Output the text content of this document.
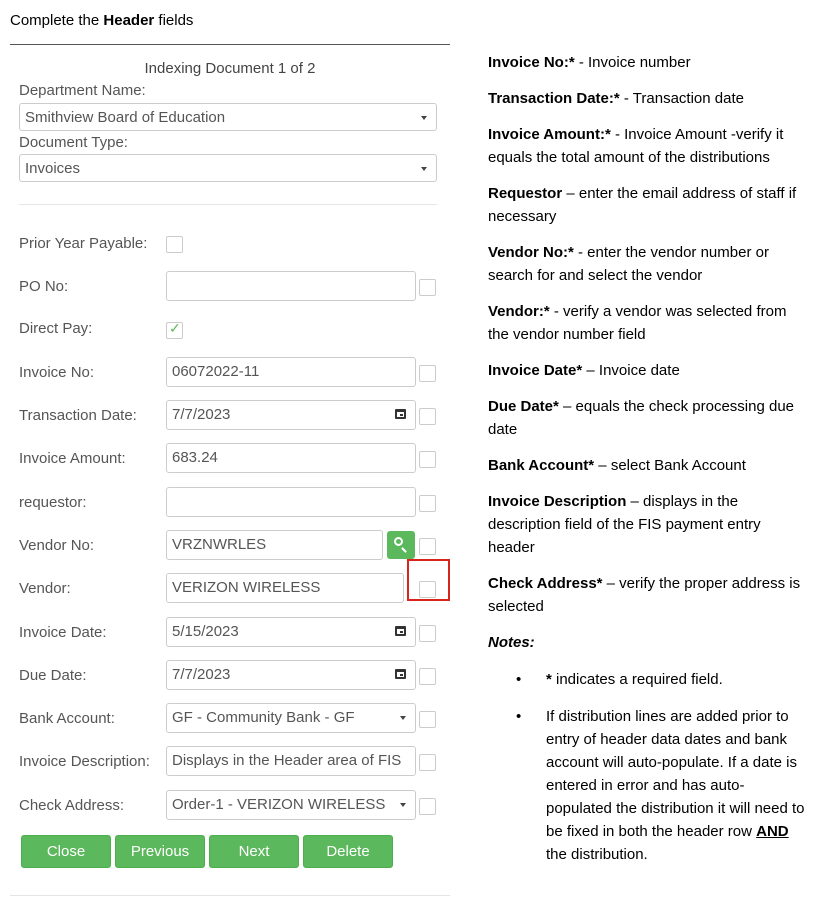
Complete the Header fields
Indexing Document 1 of 2
Department Name:
Smithview Board of Education
Document Type:
Invoices
Prior Year Payable:
PO No:
Direct Pay:	✓
Invoice No:	06072022-11
Transaction Date:	7/7/2023
Invoice Amount:	683.24
requestor:
Vendor No:	VRZNWRLES
Vendor:	VERIZON WIRELESS
Invoice Date:	5/15/2023
Due Date:	7/7/2023
Bank Account:	GF - Community Bank - GF
Invoice Description:	Displays in the Header area of FIS
Check Address:	Order-1 - VERIZON WIRELESS
Close	Previous	Next	Delete

Invoice No:* - Invoice number

Transaction Date:* - Transaction date

Invoice Amount:* - Invoice Amount -verify it equals the total amount of the distributions

Requestor – enter the email address of staff if necessary

Vendor No:* - enter the vendor number or search for and select the vendor

Vendor:* - verify a vendor was selected from the vendor number field

Invoice Date* – Invoice date

Due Date* – equals the check processing due date

Bank Account* – select Bank Account

Invoice Description – displays in the description field of the FIS payment entry header

Check Address* – verify the proper address is selected

Notes:
• * indicates a required field.
• If distribution lines are added prior to entry of header data dates and bank account will auto-populate. If a date is entered in error and has auto-populated the distribution it will need to be fixed in both the header row AND the distribution.
